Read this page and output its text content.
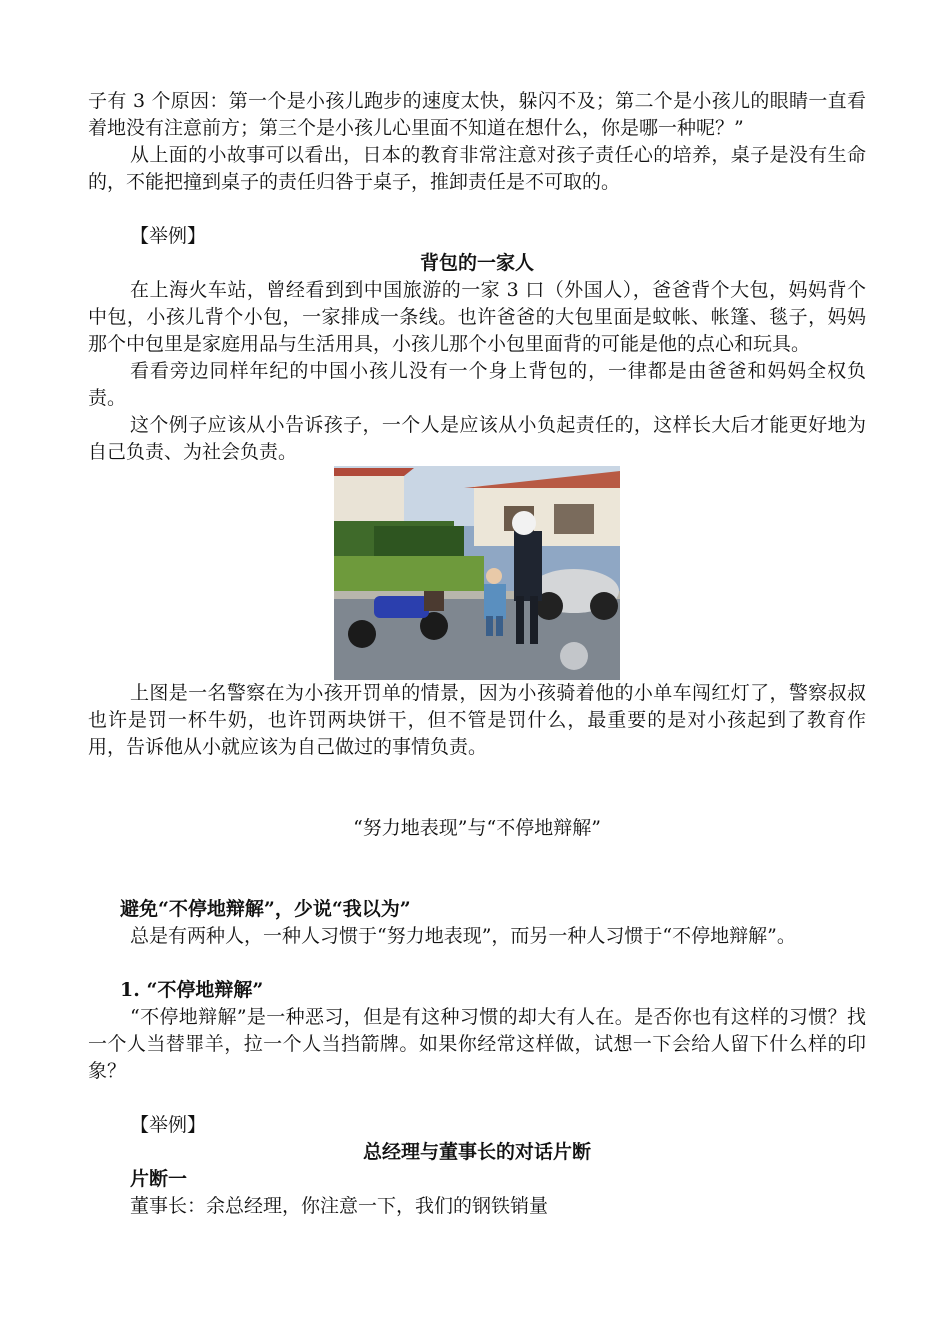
子有 3 个原因：第一个是小孩儿跑步的速度太快，躲闪不及；第二个是小孩儿的眼睛一直看着地没有注意前方；第三个是小孩儿心里面不知道在想什么，你是哪一种呢？”

从上面的小故事可以看出，日本的教育非常注意对孩子责任心的培养，桌子是没有生命的，不能把撞到桌子的责任归咎于桌子，推卸责任是不可取的。

【举例】
背包的一家人

在上海火车站，曾经看到到中国旅游的一家 3 口（外国人），爸爸背个大包，妈妈背个中包，小孩儿背个小包，一家排成一条线。也许爸爸的大包里面是蚊帐、帐篷、毯子，妈妈那个中包里是家庭用品与生活用具，小孩儿那个小包里面背的可能是他的点心和玩具。

看看旁边同样年纪的中国小孩儿没有一个身上背包的，一律都是由爸爸和妈妈全权负责。

这个例子应该从小告诉孩子，一个人是应该从小负起责任的，这样长大后才能更好地为自己负责、为社会负责。

上图是一名警察在为小孩开罚单的情景，因为小孩骑着他的小单车闯红灯了，警察叔叔也许是罚一杯牛奶，也许罚两块饼干，但不管是罚什么，最重要的是对小孩起到了教育作用，告诉他从小就应该为自己做过的事情负责。

“努力地表现”与“不停地辩解”
避免“不停地辩解”，少说“我以为”

总是有两种人，一种人习惯于“努力地表现”，而另一种人习惯于“不停地辩解”。

1. “不停地辩解”

“不停地辩解”是一种恶习，但是有这种习惯的却大有人在。是否你也有这样的习惯？找一个人当替罪羊，拉一个人当挡箭牌。如果你经常这样做，试想一下会给人留下什么样的印象？

【举例】
总经理与董事长的对话片断
片断一
董事长：余总经理，你注意一下，我们的钢铁销量
